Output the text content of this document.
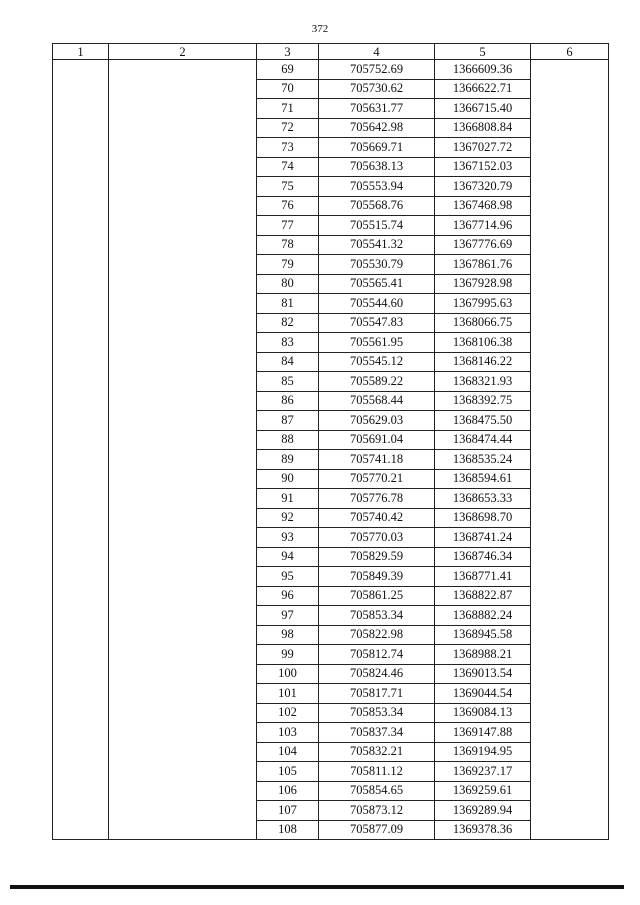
372
1	2	3	4	5	6
		69	705752.69	1366609.36	
		70	705730.62	1366622.71	
		71	705631.77	1366715.40	
		72	705642.98	1366808.84	
		73	705669.71	1367027.72	
		74	705638.13	1367152.03	
		75	705553.94	1367320.79	
		76	705568.76	1367468.98	
		77	705515.74	1367714.96	
		78	705541.32	1367776.69	
		79	705530.79	1367861.76	
		80	705565.41	1367928.98	
		81	705544.60	1367995.63	
		82	705547.83	1368066.75	
		83	705561.95	1368106.38	
		84	705545.12	1368146.22	
		85	705589.22	1368321.93	
		86	705568.44	1368392.75	
		87	705629.03	1368475.50	
		88	705691.04	1368474.44	
		89	705741.18	1368535.24	
		90	705770.21	1368594.61	
		91	705776.78	1368653.33	
		92	705740.42	1368698.70	
		93	705770.03	1368741.24	
		94	705829.59	1368746.34	
		95	705849.39	1368771.41	
		96	705861.25	1368822.87	
		97	705853.34	1368882.24	
		98	705822.98	1368945.58	
		99	705812.74	1368988.21	
		100	705824.46	1369013.54	
		101	705817.71	1369044.54	
		102	705853.34	1369084.13	
		103	705837.34	1369147.88	
		104	705832.21	1369194.95	
		105	705811.12	1369237.17	
		106	705854.65	1369259.61	
		107	705873.12	1369289.94	
		108	705877.09	1369378.36	
